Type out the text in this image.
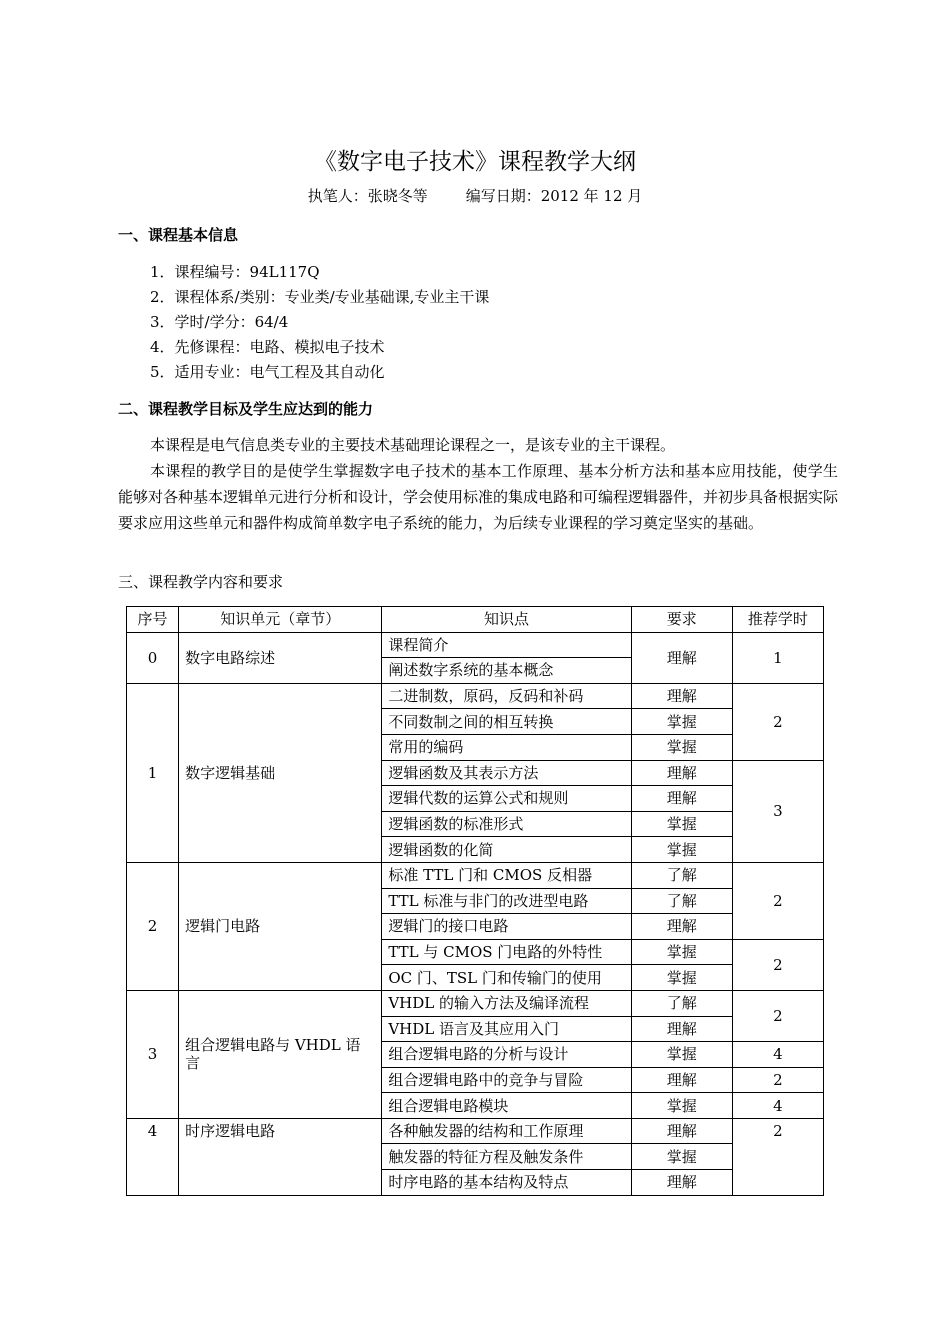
《数字电子技术》课程教学大纲
执笔人：张晓冬等	编写日期：2012 年 12 月
一、课程基本信息
1．课程编号：94L117Q
2．课程体系/类别：专业类/专业基础课,专业主干课
3．学时/学分：64/4
4．先修课程：电路、模拟电子技术
5．适用专业：电气工程及其自动化
二、课程教学目标及学生应达到的能力

本课程是电气信息类专业的主要技术基础理论课程之一，是该专业的主干课程。

本课程的教学目的是使学生掌握数字电子技术的基本工作原理、基本分析方法和基本应用技能，使学生能够对各种基本逻辑单元进行分析和设计，学会使用标准的集成电路和可编程逻辑器件，并初步具备根据实际要求应用这些单元和器件构成简单数字电子系统的能力，为后续专业课程的学习奠定坚实的基础。

三、课程教学内容和要求
序号	知识单元（章节）	知识点	要求	推荐学时
0	数字电路综述	课程简介	理解	1
		阐述数字系统的基本概念		
1	数字逻辑基础	二进制数，原码，反码和补码	理解	2
		不同数制之间的相互转换	掌握	
		常用的编码	掌握	
		逻辑函数及其表示方法	理解	3
		逻辑代数的运算公式和规则	理解	
		逻辑函数的标准形式	掌握	
		逻辑函数的化简	掌握	
2	逻辑门电路	标准 TTL 门和 CMOS 反相器	了解	2
		TTL 标准与非门的改进型电路	了解	
		逻辑门的接口电路	理解	
		TTL 与 CMOS 门电路的外特性	掌握	2
		OC 门、TSL 门和传输门的使用	掌握	
3	组合逻辑电路与 VHDL 语言	VHDL 的输入方法及编译流程	了解	2
		VHDL 语言及其应用入门	理解	
		组合逻辑电路的分析与设计	掌握	4
		组合逻辑电路中的竞争与冒险	理解	2
		组合逻辑电路模块	掌握	4
4	时序逻辑电路	各种触发器的结构和工作原理	理解	2
		触发器的特征方程及触发条件	掌握	
		时序电路的基本结构及特点	理解	
